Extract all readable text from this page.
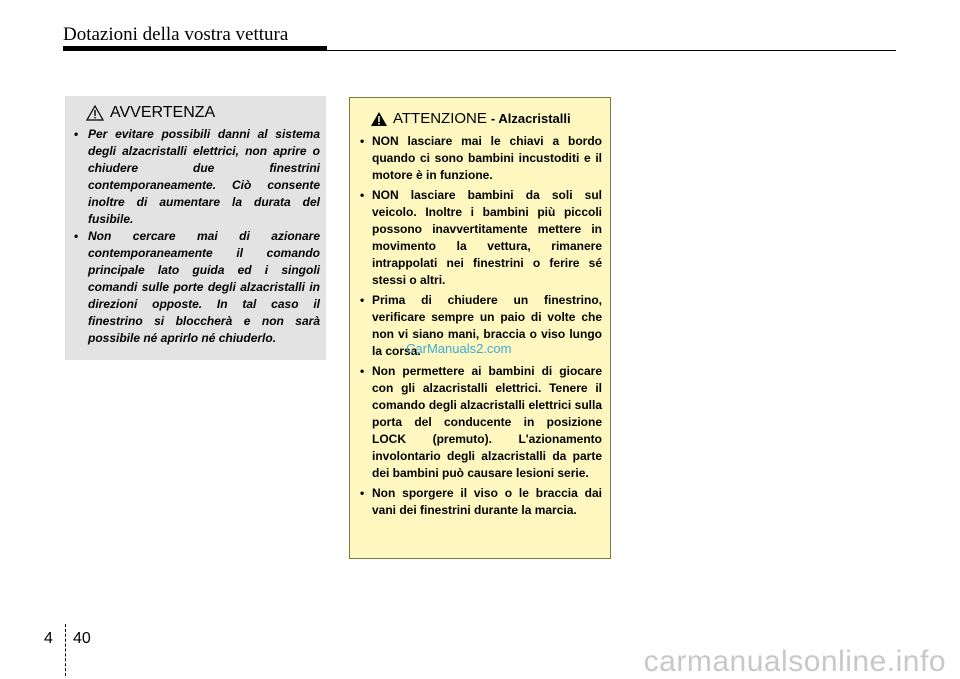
Dotazioni della vostra vettura
AVVERTENZA
• Per evitare possibili danni al sistema degli alzacristalli elettrici, non aprire o chiudere due finestrini contemporaneamente. Ciò consente inoltre di aumentare la durata del fusibile.
• Non cercare mai di azionare contemporaneamente il comando principale lato guida ed i singoli comandi sulle porte degli alzacristalli in direzioni opposte. In tal caso il finestrino si bloccherà e non sarà possibile né aprirlo né chiuderlo.
ATTENZIONE - Alzacristalli
• NON lasciare mai le chiavi a bordo quando ci sono bambini incustoditi e il motore è in funzione.
• NON lasciare bambini da soli sul veicolo. Inoltre i bambini più piccoli possono inavvertitamente mettere in movimento la vettura, rimanere intrappolati nei finestrini o ferire sé stessi o altri.
• Prima di chiudere un finestrino, verificare sempre un paio di volte che non vi siano mani, braccia o viso lungo la corsa.
• Non permettere ai bambini di giocare con gli alzacristalli elettrici. Tenere il comando degli alzacristalli elettrici sulla porta del conducente in posizione LOCK (premuto). L'azionamento involontario degli alzacristalli da parte dei bambini può causare lesioni serie.
• Non sporgere il viso o le braccia dai vani dei finestrini durante la marcia.
CarManuals2.com
4 40
carmanualsonline.info
